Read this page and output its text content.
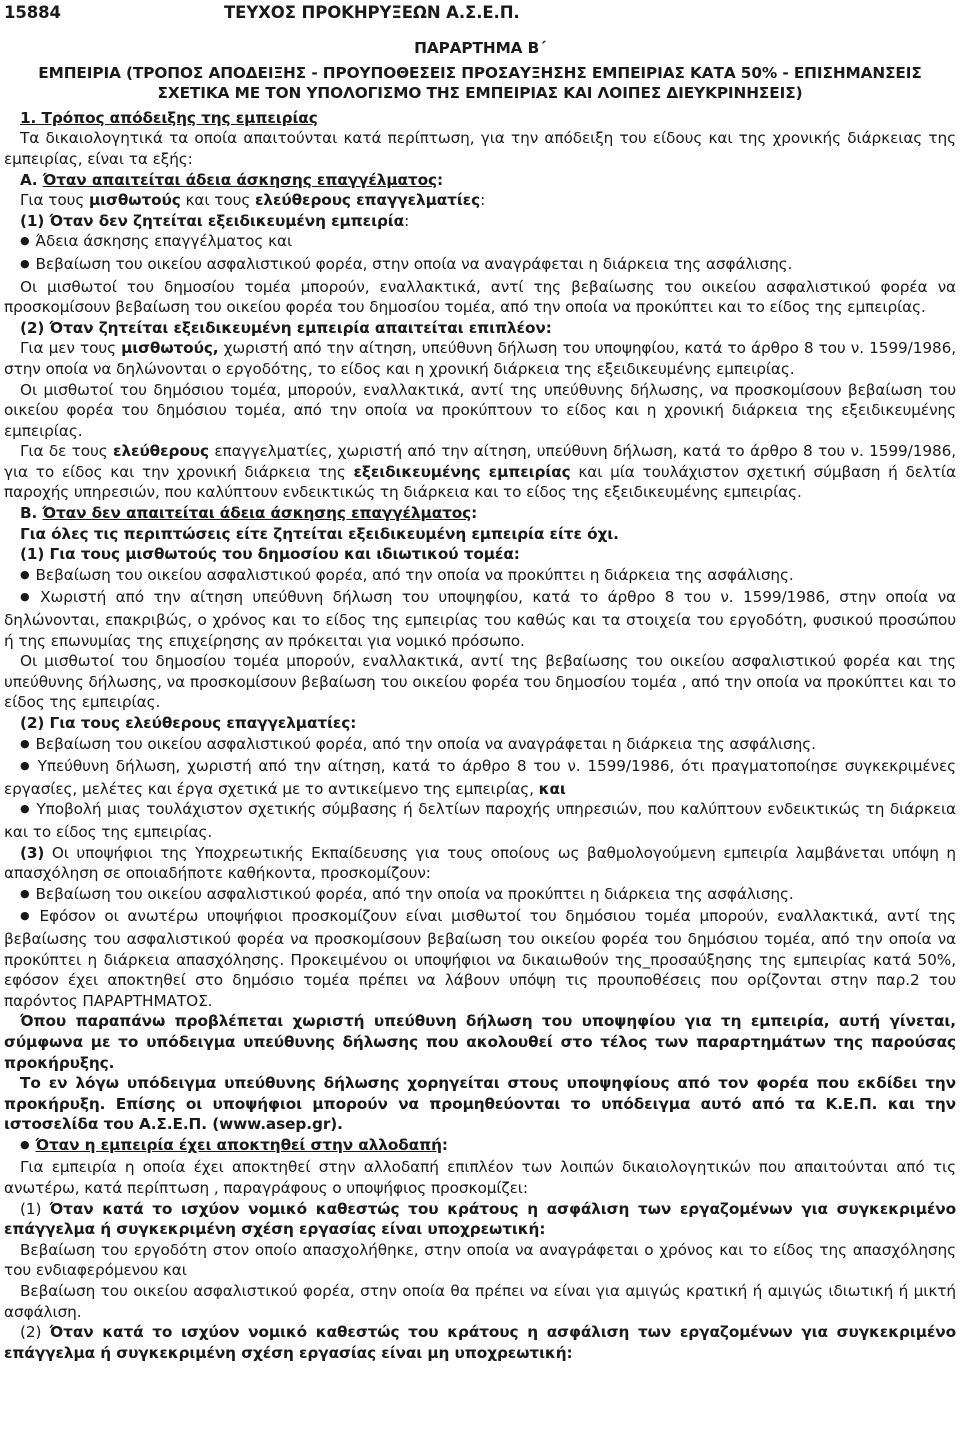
15884	ΤΕΥΧΟΣ ΠΡΟΚΗΡΥΞΕΩΝ Α.Σ.Ε.Π.

ΠΑΡΑΡΤΗΜΑ Β΄

ΕΜΠΕΙΡΙΑ (ΤΡΟΠΟΣ ΑΠΟΔΕΙΞΗΣ - ΠΡΟΥΠΟΘΕΣΕΙΣ ΠΡΟΣΑΥΞΗΣΗΣ ΕΜΠΕΙΡΙΑΣ ΚΑΤΑ 50% - ΕΠΙΣΗΜΑΝΣΕΙΣ ΣΧΕΤΙΚΑ ΜΕ ΤΟΝ ΥΠΟΛΟΓΙΣΜΟ ΤΗΣ ΕΜΠΕΙΡΙΑΣ ΚΑΙ ΛΟΙΠΕΣ ΔΙΕΥΚΡΙΝΗΣΕΙΣ)

1. Τρόπος απόδειξης της εμπειρίας

Τα δικαιολογητικά τα οποία απαιτούνται κατά περίπτωση, για την απόδειξη του είδους και της χρονικής διάρκειας της εμπειρίας, είναι τα εξής:

Α. Όταν απαιτείται άδεια άσκησης επαγγέλματος:

Για τους μισθωτούς και τους ελεύθερους επαγγελματίες:

(1) Όταν δεν ζητείται εξειδικευμένη εμπειρία:

● Άδεια άσκησης επαγγέλματος και

● Βεβαίωση του οικείου ασφαλιστικού φορέα, στην οποία να αναγράφεται η διάρκεια της ασφάλισης.

Οι μισθωτοί του δημοσίου τομέα μπορούν, εναλλακτικά, αντί της βεβαίωσης του οικείου ασφαλιστικού φορέα να προσκομίσουν βεβαίωση του οικείου φορέα του δημοσίου τομέα, από την οποία να προκύπτει και το είδος της εμπειρίας.

(2) Όταν ζητείται εξειδικευμένη εμπειρία απαιτείται επιπλέον:

Για μεν τους μισθωτούς, χωριστή από την αίτηση, υπεύθυνη δήλωση του υποψηφίου, κατά το άρθρο 8 του ν. 1599/1986, στην οποία να δηλώνονται ο εργοδότης, το είδος και η χρονική διάρκεια της εξειδικευμένης εμπειρίας.

Οι μισθωτοί του δημόσιου τομέα, μπορούν, εναλλακτικά, αντί της υπεύθυνης δήλωσης, να προσκομίσουν βεβαίωση του οικείου φορέα του δημόσιου τομέα, από την οποία να προκύπτουν το είδος και η χρονική διάρκεια της εξειδικευμένης εμπειρίας.

Για δε τους ελεύθερους επαγγελματίες, χωριστή από την αίτηση, υπεύθυνη δήλωση, κατά το άρθρο 8 του ν. 1599/1986, για το είδος και την χρονική διάρκεια της εξειδικευμένης εμπειρίας και μία τουλάχιστον σχετική σύμβαση ή δελτία παροχής υπηρεσιών, που καλύπτουν ενδεικτικώς τη διάρκεια και το είδος της εξειδικευμένης εμπειρίας.

Β. Όταν δεν απαιτείται άδεια άσκησης επαγγέλματος:

Για όλες τις περιπτώσεις είτε ζητείται εξειδικευμένη εμπειρία είτε όχι.

(1) Για τους μισθωτούς του δημοσίου και ιδιωτικού τομέα:

● Βεβαίωση του οικείου ασφαλιστικού φορέα, από την οποία να προκύπτει η διάρκεια της ασφάλισης.

● Χωριστή από την αίτηση υπεύθυνη δήλωση του υποψηφίου, κατά το άρθρο 8 του ν. 1599/1986, στην οποία να δηλώνονται, επακριβώς, ο χρόνος και το είδος της εμπειρίας του καθώς και τα στοιχεία του εργοδότη, φυσικού προσώπου ή της επωνυμίας της επιχείρησης αν πρόκειται για νομικό πρόσωπο.

Οι μισθωτοί του δημοσίου τομέα μπορούν, εναλλακτικά, αντί της βεβαίωσης του οικείου ασφαλιστικού φορέα και της υπεύθυνης δήλωσης, να προσκομίσουν βεβαίωση του οικείου φορέα του δημοσίου τομέα , από την οποία να προκύπτει και το είδος της εμπειρίας.

(2) Για τους ελεύθερους επαγγελματίες:

● Βεβαίωση του οικείου ασφαλιστικού φορέα, από την οποία να αναγράφεται η διάρκεια της ασφάλισης.

● Υπεύθυνη δήλωση, χωριστή από την αίτηση, κατά το άρθρο 8 του ν. 1599/1986, ότι πραγματοποίησε συγκεκριμένες εργασίες, μελέτες και έργα σχετικά με το αντικείμενο της εμπειρίας, και

● Υποβολή μιας τουλάχιστον σχετικής σύμβασης ή δελτίων παροχής υπηρεσιών, που καλύπτουν ενδεικτικώς τη διάρκεια και το είδος της εμπειρίας.

(3) Οι υποψήφιοι της Υποχρεωτικής Εκπαίδευσης για τους οποίους ως βαθμολογούμενη εμπειρία λαμβάνεται υπόψη η απασχόληση σε οποιαδήποτε καθήκοντα, προσκομίζουν:

● Βεβαίωση του οικείου ασφαλιστικού φορέα, από την οποία να προκύπτει η διάρκεια της ασφάλισης.

● Εφόσον οι ανωτέρω υποψήφιοι προσκομίζουν είναι μισθωτοί του δημόσιου τομέα μπορούν, εναλλακτικά, αντί της βεβαίωσης του ασφαλιστικού φορέα να προσκομίσουν βεβαίωση του οικείου φορέα του δημόσιου τομέα, από την οποία να προκύπτει η διάρκεια απασχόλησης. Προκειμένου οι υποψήφιοι να δικαιωθούν της_προσαύξησης της εμπειρίας κατά 50%, εφόσον έχει αποκτηθεί στο δημόσιο τομέα πρέπει να λάβουν υπόψη τις προυποθέσεις που ορίζονται στην παρ.2 του παρόντος ΠΑΡΑΡΤΗΜΑΤΟΣ.

Όπου παραπάνω προβλέπεται χωριστή υπεύθυνη δήλωση του υποψηφίου για τη εμπειρία, αυτή γίνεται, σύμφωνα με το υπόδειγμα υπεύθυνης δήλωσης που ακολουθεί στο τέλος των παραρτημάτων της παρούσας προκήρυξης.

Το εν λόγω υπόδειγμα υπεύθυνης δήλωσης χορηγείται στους υποψηφίους από τον φορέα που εκδίδει την προκήρυξη. Επίσης οι υποψήφιοι μπορούν να προμηθεύονται το υπόδειγμα αυτό από τα Κ.Ε.Π. και την ιστοσελίδα του Α.Σ.Ε.Π. (www.asep.gr).

● Όταν η εμπειρία έχει αποκτηθεί στην αλλοδαπή:

Για εμπειρία η οποία έχει αποκτηθεί στην αλλοδαπή επιπλέον των λοιπών δικαιολογητικών που απαιτούνται από τις ανωτέρω, κατά περίπτωση , παραγράφους ο υποψήφιος προσκομίζει:

(1) Όταν κατά το ισχύον νομικό καθεστώς του κράτους η ασφάλιση των εργαζομένων για συγκεκριμένο επάγγελμα ή συγκεκριμένη σχέση εργασίας είναι υποχρεωτική:

Βεβαίωση του εργοδότη στον οποίο απασχολήθηκε, στην οποία να αναγράφεται ο χρόνος και το είδος της απασχόλησης του ενδιαφερόμενου και

Βεβαίωση του οικείου ασφαλιστικού φορέα, στην οποία θα πρέπει να είναι για αμιγώς κρατική ή αμιγώς ιδιωτική ή μικτή ασφάλιση.

(2) Όταν κατά το ισχύον νομικό καθεστώς του κράτους η ασφάλιση των εργαζομένων για συγκεκριμένο επάγγελμα ή συγκεκριμένη σχέση εργασίας είναι μη υποχρεωτική:
